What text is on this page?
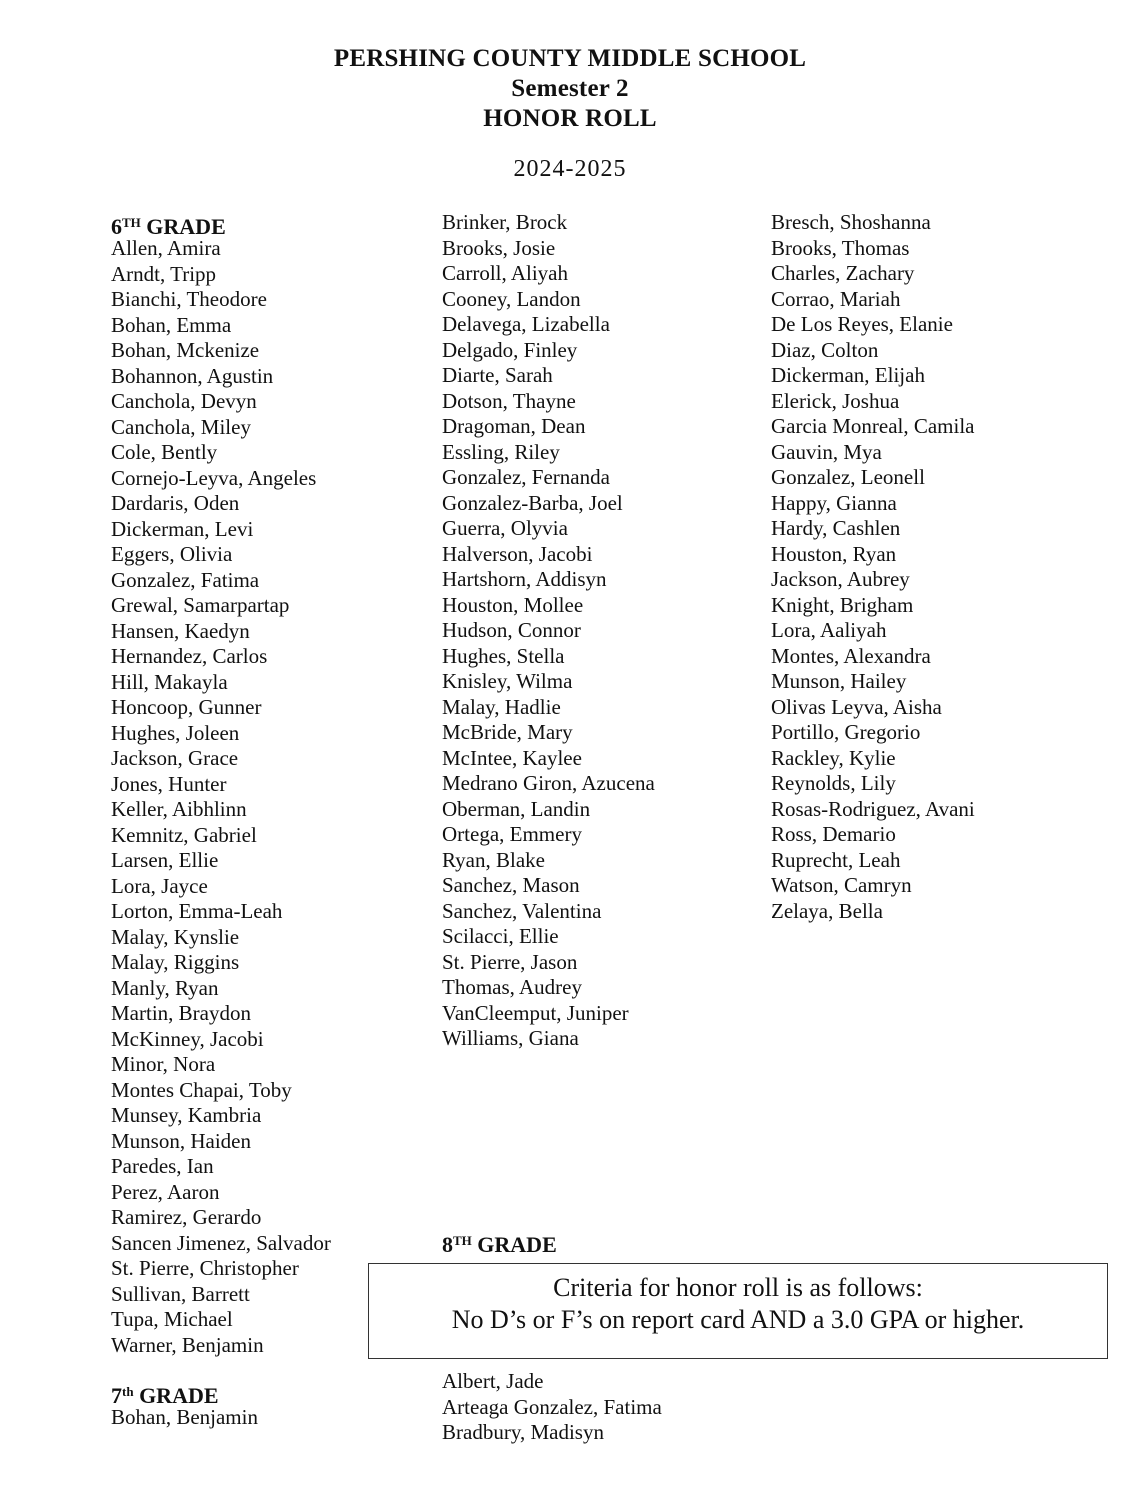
PERSHING COUNTY MIDDLE SCHOOL
Semester 2
HONOR ROLL
2024-2025
6TH GRADE
Allen, Amira
Arndt, Tripp
Bianchi, Theodore
Bohan, Emma
Bohan, Mckenize
Bohannon, Agustin
Canchola, Devyn
Canchola, Miley
Cole, Bently
Cornejo-Leyva, Angeles
Dardaris, Oden
Dickerman, Levi
Eggers, Olivia
Gonzalez, Fatima
Grewal, Samarpartap
Hansen, Kaedyn
Hernandez, Carlos
Hill, Makayla
Honcoop, Gunner
Hughes, Joleen
Jackson, Grace
Jones, Hunter
Keller, Aibhlinn
Kemnitz, Gabriel
Larsen, Ellie
Lora, Jayce
Lorton, Emma-Leah
Malay, Kynslie
Malay, Riggins
Manly, Ryan
Martin, Braydon
McKinney, Jacobi
Minor, Nora
Montes Chapai, Toby
Munsey, Kambria
Munson, Haiden
Paredes, Ian
Perez, Aaron
Ramirez, Gerardo
Sancen Jimenez, Salvador
St. Pierre, Christopher
Sullivan, Barrett
Tupa, Michael
Warner, Benjamin
7th GRADE
Bohan, Benjamin
Brinker, Brock
Brooks, Josie
Carroll, Aliyah
Cooney, Landon
Delavega, Lizabella
Delgado, Finley
Diarte, Sarah
Dotson, Thayne
Dragoman, Dean
Essling, Riley
Gonzalez, Fernanda
Gonzalez-Barba, Joel
Guerra, Olyvia
Halverson, Jacobi
Hartshorn, Addisyn
Houston, Mollee
Hudson, Connor
Hughes, Stella
Knisley, Wilma
Malay, Hadlie
McBride, Mary
McIntee, Kaylee
Medrano Giron, Azucena
Oberman, Landin
Ortega, Emmery
Ryan, Blake
Sanchez, Mason
Sanchez, Valentina
Scilacci, Ellie
St. Pierre, Jason
Thomas, Audrey
VanCleemput, Juniper
Williams, Giana
8TH GRADE
Criteria for honor roll is as follows:
No D’s or F’s on report card AND a 3.0 GPA or higher.
Albert, Jade
Arteaga Gonzalez, Fatima
Bradbury, Madisyn
Bresch, Shoshanna
Brooks, Thomas
Charles, Zachary
Corrao, Mariah
De Los Reyes, Elanie
Diaz, Colton
Dickerman, Elijah
Elerick, Joshua
Garcia Monreal, Camila
Gauvin, Mya
Gonzalez, Leonell
Happy, Gianna
Hardy, Cashlen
Houston, Ryan
Jackson, Aubrey
Knight, Brigham
Lora, Aaliyah
Montes, Alexandra
Munson, Hailey
Olivas Leyva, Aisha
Portillo, Gregorio
Rackley, Kylie
Reynolds, Lily
Rosas-Rodriguez, Avani
Ross, Demario
Ruprecht, Leah
Watson, Camryn
Zelaya, Bella
